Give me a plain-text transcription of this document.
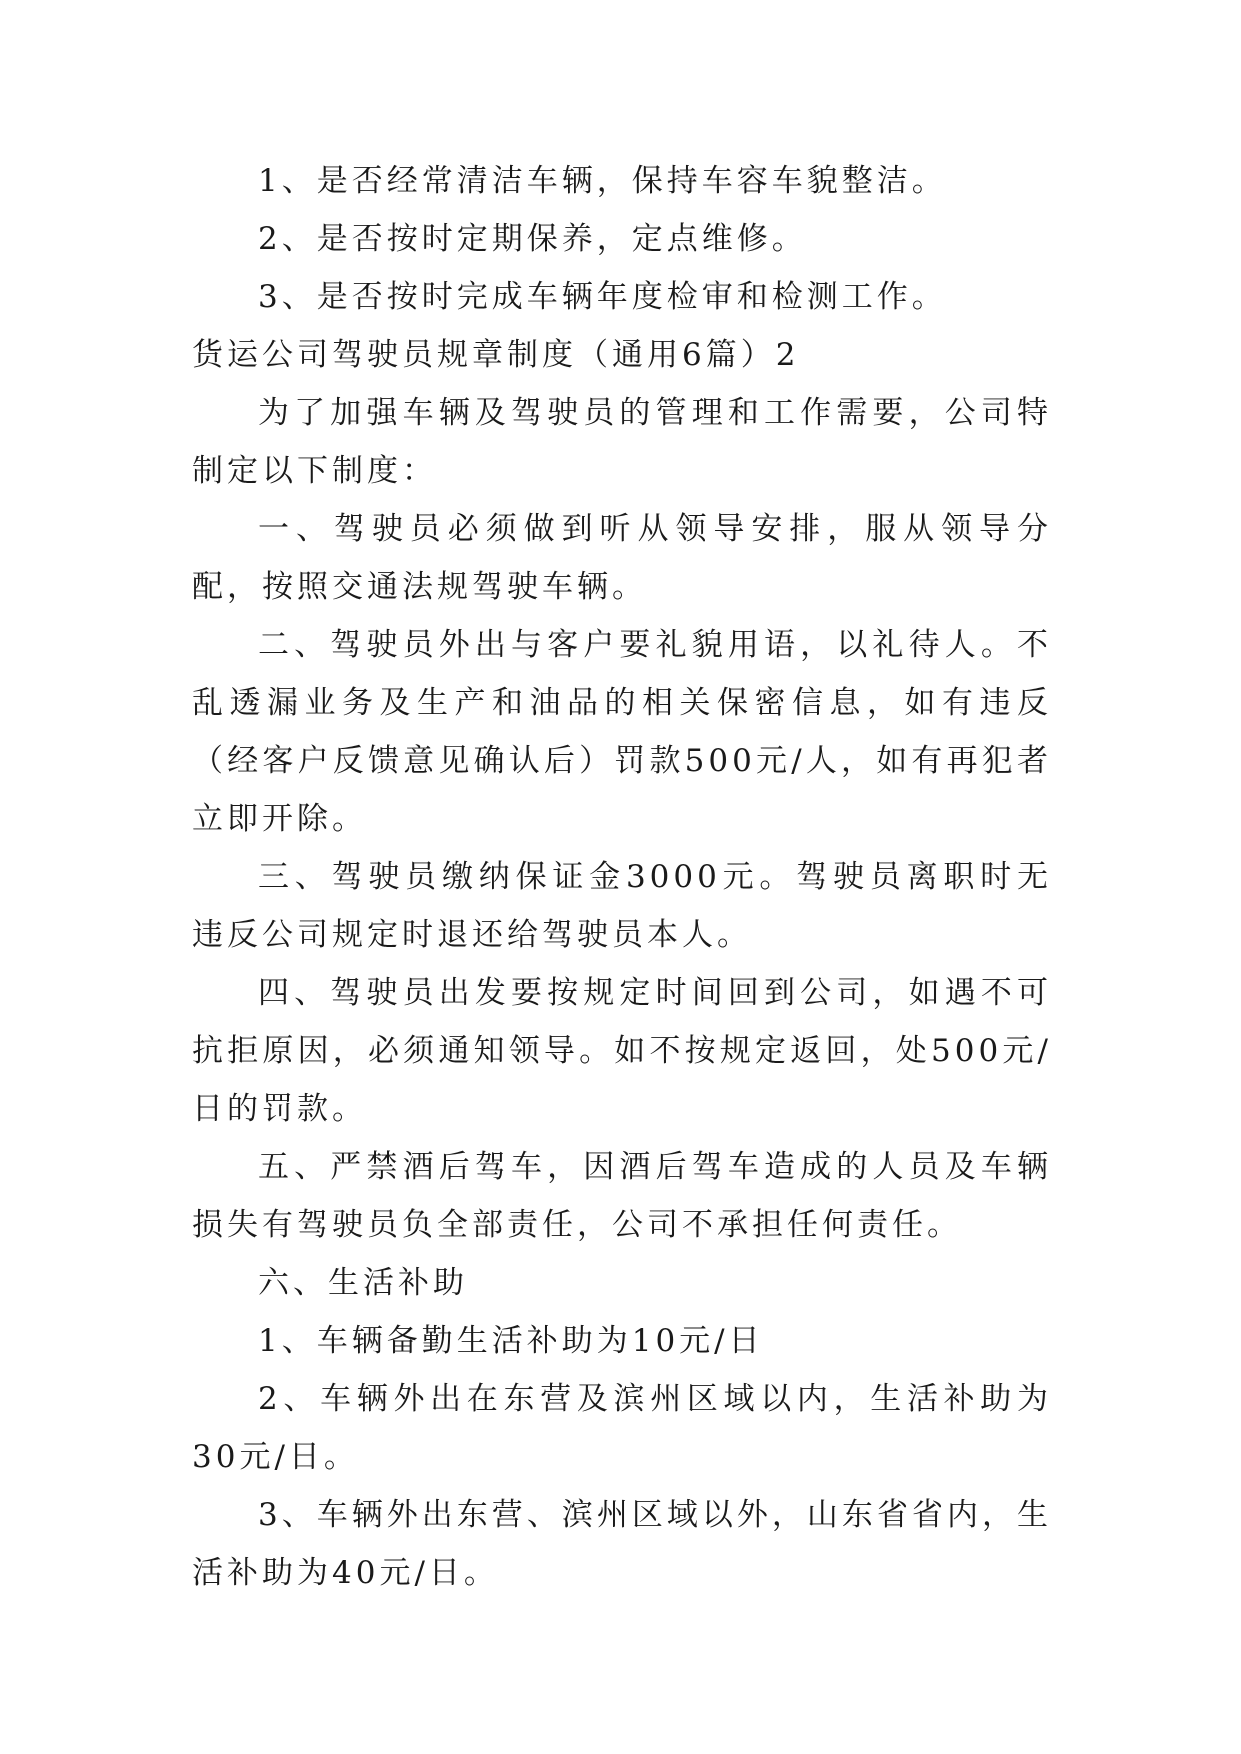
1、是否经常清洁车辆，保持车容车貌整洁。

2、是否按时定期保养，定点维修。

3、是否按时完成车辆年度检审和检测工作。

货运公司驾驶员规章制度（通用6篇）2

为了加强车辆及驾驶员的管理和工作需要，公司特制定以下制度：

一、驾驶员必须做到听从领导安排，服从领导分配，按照交通法规驾驶车辆。

二、驾驶员外出与客户要礼貌用语，以礼待人。不乱透漏业务及生产和油品的相关保密信息，如有违反（经客户反馈意见确认后）罚款500元/人，如有再犯者立即开除。

三、驾驶员缴纳保证金3000元。驾驶员离职时无违反公司规定时退还给驾驶员本人。

四、驾驶员出发要按规定时间回到公司，如遇不可抗拒原因，必须通知领导。如不按规定返回，处500元/日的罚款。

五、严禁酒后驾车，因酒后驾车造成的人员及车辆损失有驾驶员负全部责任，公司不承担任何责任。

六、生活补助

1、车辆备勤生活补助为10元/日

2、车辆外出在东营及滨州区域以内，生活补助为30元/日。

3、车辆外出东营、滨州区域以外，山东省省内，生活补助为40元/日。
